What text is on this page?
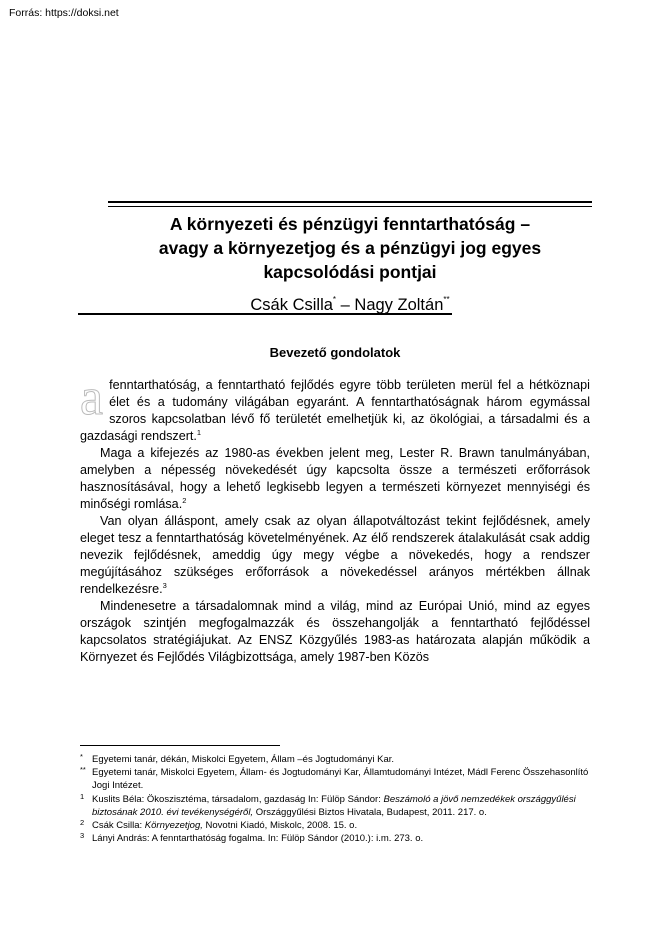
Forrás: https://doksi.net
A környezeti és pénzügyi fenntarthatóság –
avagy a környezetjog és a pénzügyi jog egyes
kapcsolódási pontjai
Csák Csilla* – Nagy Zoltán**
Bevezető gondolatok

afenntarthatóság, a fenntartható fejlődés egyre több területen merül fel a hétköznapi élet és a tudomány világában egyaránt. A fenntarthatóságnak három egymással szoros kapcsolatban lévő fő területét emelhetjük ki, az ökológiai, a társadalmi és a gazdasági rendszert.$^1$

Maga a kifejezés az 1980-as években jelent meg, Lester R. Brawn tanulmányában, amelyben a népesség növekedését úgy kapcsolta össze a természeti erőforrások hasznosításával, hogy a lehető legkisebb legyen a természeti környezet mennyiségi és minőségi romlása.$^2$

Van olyan álláspont, amely csak az olyan állapotváltozást tekint fejlődésnek, amely eleget tesz a fenntarthatóság követelményének. Az élő rendszerek átalakulását csak addig nevezik fejlődésnek, ameddig úgy megy végbe a növekedés, hogy a rendszer megújításához szükséges erőforrások a növekedéssel arányos mértékben állnak rendelkezésre.$^3$

Mindenesetre a társadalomnak mind a világ, mind az Európai Unió, mind az egyes országok szintjén megfogalmazzák és összehangolják a fenntartható fejlődéssel kapcsolatos stratégiájukat. Az ENSZ Közgyűlés 1983-as határozata alapján működik a Környezet és Fejlődés Világbizottsága, amely 1987-ben Közös

* Egyetemi tanár, dékán, Miskolci Egyetem, Állam –és Jogtudományi Kar.

** Egyetemi tanár, Miskolci Egyetem, Állam- és Jogtudományi Kar, Államtudományi Intézet, Mádl Ferenc Összehasonlító Jogi Intézet.

1 Kuslits Béla: Ökoszisztéma, társadalom, gazdaság In: Fülöp Sándor: Beszámoló a jövő nemzedékek országgyűlési biztosának 2010. évi tevékenységéről, Országgyűlési Biztos Hivatala, Budapest, 2011. 217. o.

2 Csák Csilla: Környezetjog, Novotni Kiadó, Miskolc, 2008. 15. o.

3 Lányi András: A fenntarthatóság fogalma. In: Fülöp Sándor (2010.): i.m. 273. o.
